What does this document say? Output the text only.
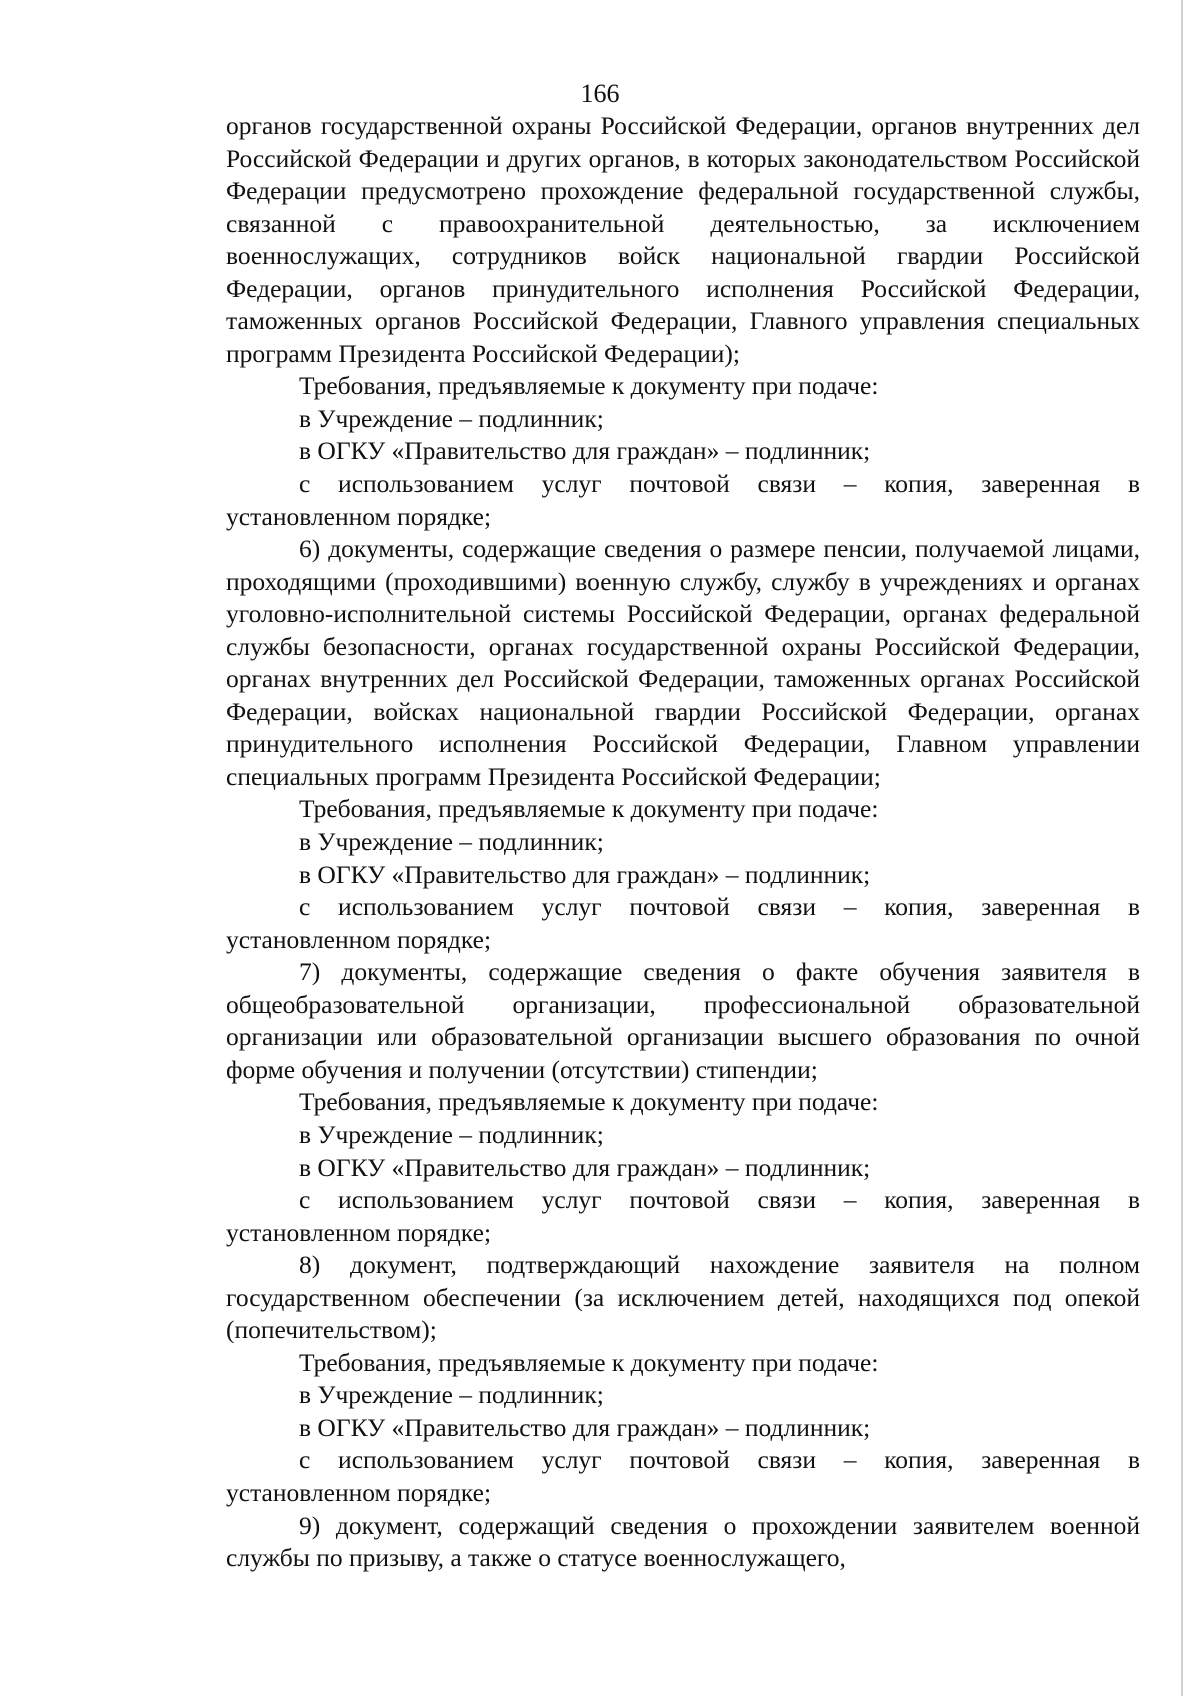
166

органов государственной охраны Российской Федерации, органов внутренних дел Российской Федерации и других органов, в которых законодательством Российской Федерации предусмотрено прохождение федеральной государственной службы, связанной с правоохранительной деятельностью, за исключением военнослужащих, сотрудников войск национальной гвардии Российской Федерации, органов принудительного исполнения Российской Федерации, таможенных органов Российской Федерации, Главного управления специальных программ Президента Российской Федерации);

Требования, предъявляемые к документу при подаче:

в Учреждение – подлинник;

в ОГКУ «Правительство для граждан» – подлинник;

с использованием услуг почтовой связи – копия, заверенная в установленном порядке;

6) документы, содержащие сведения о размере пенсии, получаемой лицами, проходящими (проходившими) военную службу, службу в учреждениях и органах уголовно-исполнительной системы Российской Федерации, органах федеральной службы безопасности, органах государственной охраны Российской Федерации, органах внутренних дел Российской Федерации, таможенных органах Российской Федерации, войсках национальной гвардии Российской Федерации, органах принудительного исполнения Российской Федерации, Главном управлении специальных программ Президента Российской Федерации;

Требования, предъявляемые к документу при подаче:

в Учреждение – подлинник;

в ОГКУ «Правительство для граждан» – подлинник;

с использованием услуг почтовой связи – копия, заверенная в установленном порядке;

7) документы, содержащие сведения о факте обучения заявителя в общеобразовательной организации, профессиональной образовательной организации или образовательной организации высшего образования по очной форме обучения и получении (отсутствии) стипендии;

Требования, предъявляемые к документу при подаче:

в Учреждение – подлинник;

в ОГКУ «Правительство для граждан» – подлинник;

с использованием услуг почтовой связи – копия, заверенная в установленном порядке;

8) документ, подтверждающий нахождение заявителя на полном государственном обеспечении (за исключением детей, находящихся под опекой (попечительством);

Требования, предъявляемые к документу при подаче:

в Учреждение – подлинник;

в ОГКУ «Правительство для граждан» – подлинник;

с использованием услуг почтовой связи – копия, заверенная в установленном порядке;

9) документ, содержащий сведения о прохождении заявителем военной службы по призыву, а также о статусе военнослужащего,
